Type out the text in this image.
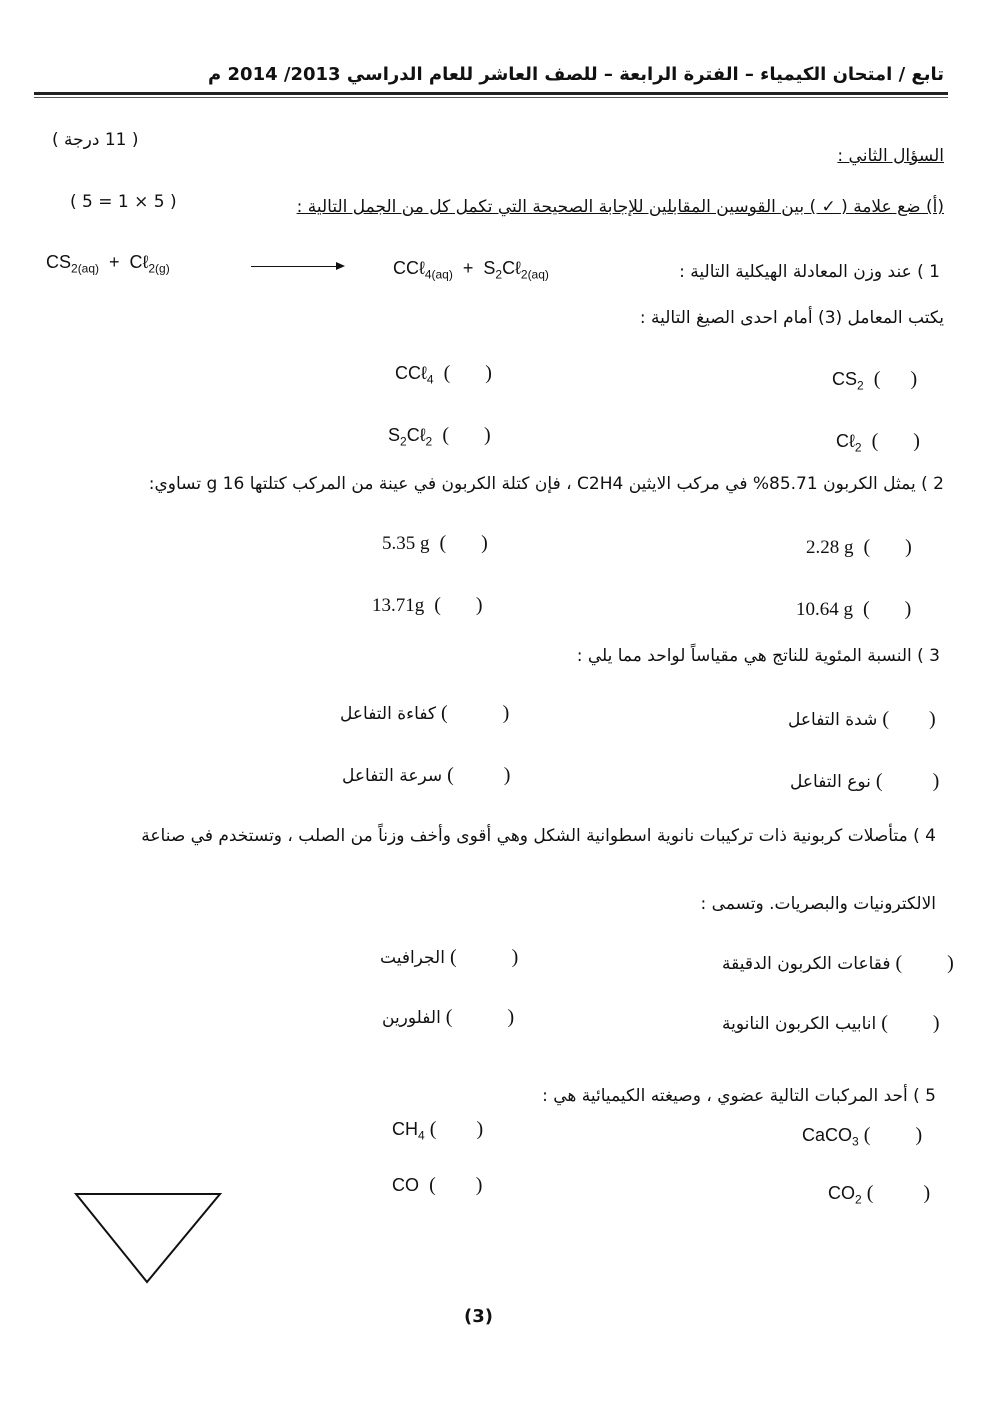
تابع / امتحان الكيمياء – الفترة الرابعة – للصف العاشر للعام الدراسي 2013/ 2014 م
( 11 درجة )
السؤال الثاني :
(أ) ضع علامة ( ✓ ) بين القوسين المقابلين للإجابة الصحيحة التي تكمل كل من الجمل التالية :
( 5 = 1 × 5 )
$CS_{2(aq)}$  +  Cℓ$_{2(g)}$	CCℓ$_{4(aq)}$  +  $S_2C\ell_{2(aq)}$	1 ) عند وزن المعادلة الهيكلية التالية :
يكتب المعامل (3) أمام احدى الصيغ التالية :
$CS_2$  (      )
CCℓ$_4$  (       )
Cℓ$_2$  (       )
$S_2C\ell_2$  (       )
2 ) يمثل الكربون 85.71% في مركب الايثين C2H4 ، فإن كتلة الكربون في عينة من المركب كتلتها 16 g تساوي:
2.28 g  (       )
5.35 g  (       )
10.64 g  (       )
13.71g  (       )
3 ) النسبة المئوية للناتج هي مقياساً لواحد مما يلي :
شدة التفاعل (        )
كفاءة التفاعل (           )
نوع التفاعل (          )
سرعة التفاعل (          )
4 ) متأصلات كربونية ذات تركيبات نانوية اسطوانية الشكل وهي أقوى وأخف وزناً من الصلب ، وتستخدم في صناعة
الالكترونيات والبصريات. وتسمى :
فقاعات الكربون الدقيقة (         )
الجرافيت (           )
انابيب الكربون النانوية (         )
الفلورين (           )
5 ) أحد المركبات التالية عضوي ، وصيغته الكيميائية هي :
CaCO$_3$ (         )
$CH_4$ (        )
$CO_2$ (          )
CO  (        )
(3)
